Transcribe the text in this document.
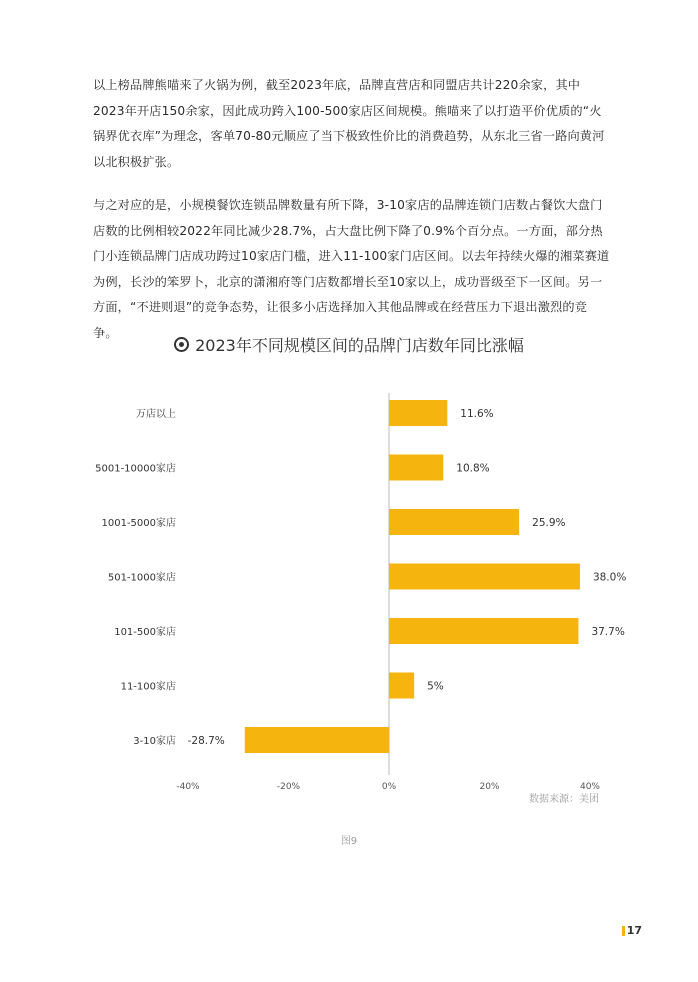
以上榜品牌熊喵来了火锅为例，截至2023年底，品牌直营店和同盟店共计220余家，其中2023年开店150余家，因此成功跨入100-500家店区间规模。熊喵来了以打造平价优质的“火锅界优衣库”为理念，客单70-80元顺应了当下极致性价比的消费趋势，从东北三省一路向黄河以北积极扩张。

与之对应的是，小规模餐饮连锁品牌数量有所下降，3-10家店的品牌连锁门店数占餐饮大盘门店数的比例相较2022年同比减少28.7%，占大盘比例下降了0.9%个百分点。一方面，部分热门小连锁品牌门店成功跨过10家店门槛，进入11-100家门店区间。以去年持续火爆的湘菜赛道为例，长沙的笨罗卜，北京的潇湘府等门店数都增长至10家以上，成功晋级至下一区间。另一方面，“不进则退”的竞争态势，让很多小店选择加入其他品牌或在经营压力下退出激烈的竞争。

2023年不同规模区间的品牌门店数年同比涨幅
万店以上	11.6%
5001-10000家店	10.8%
1001-5000家店	25.9%
501-1000家店	38.0%
101-500家店	37.7%
11-100家店	5%
3-10家店 -28.7%
-40%	-20%	0%	20%	40%
数据来源：美团
图9
17
